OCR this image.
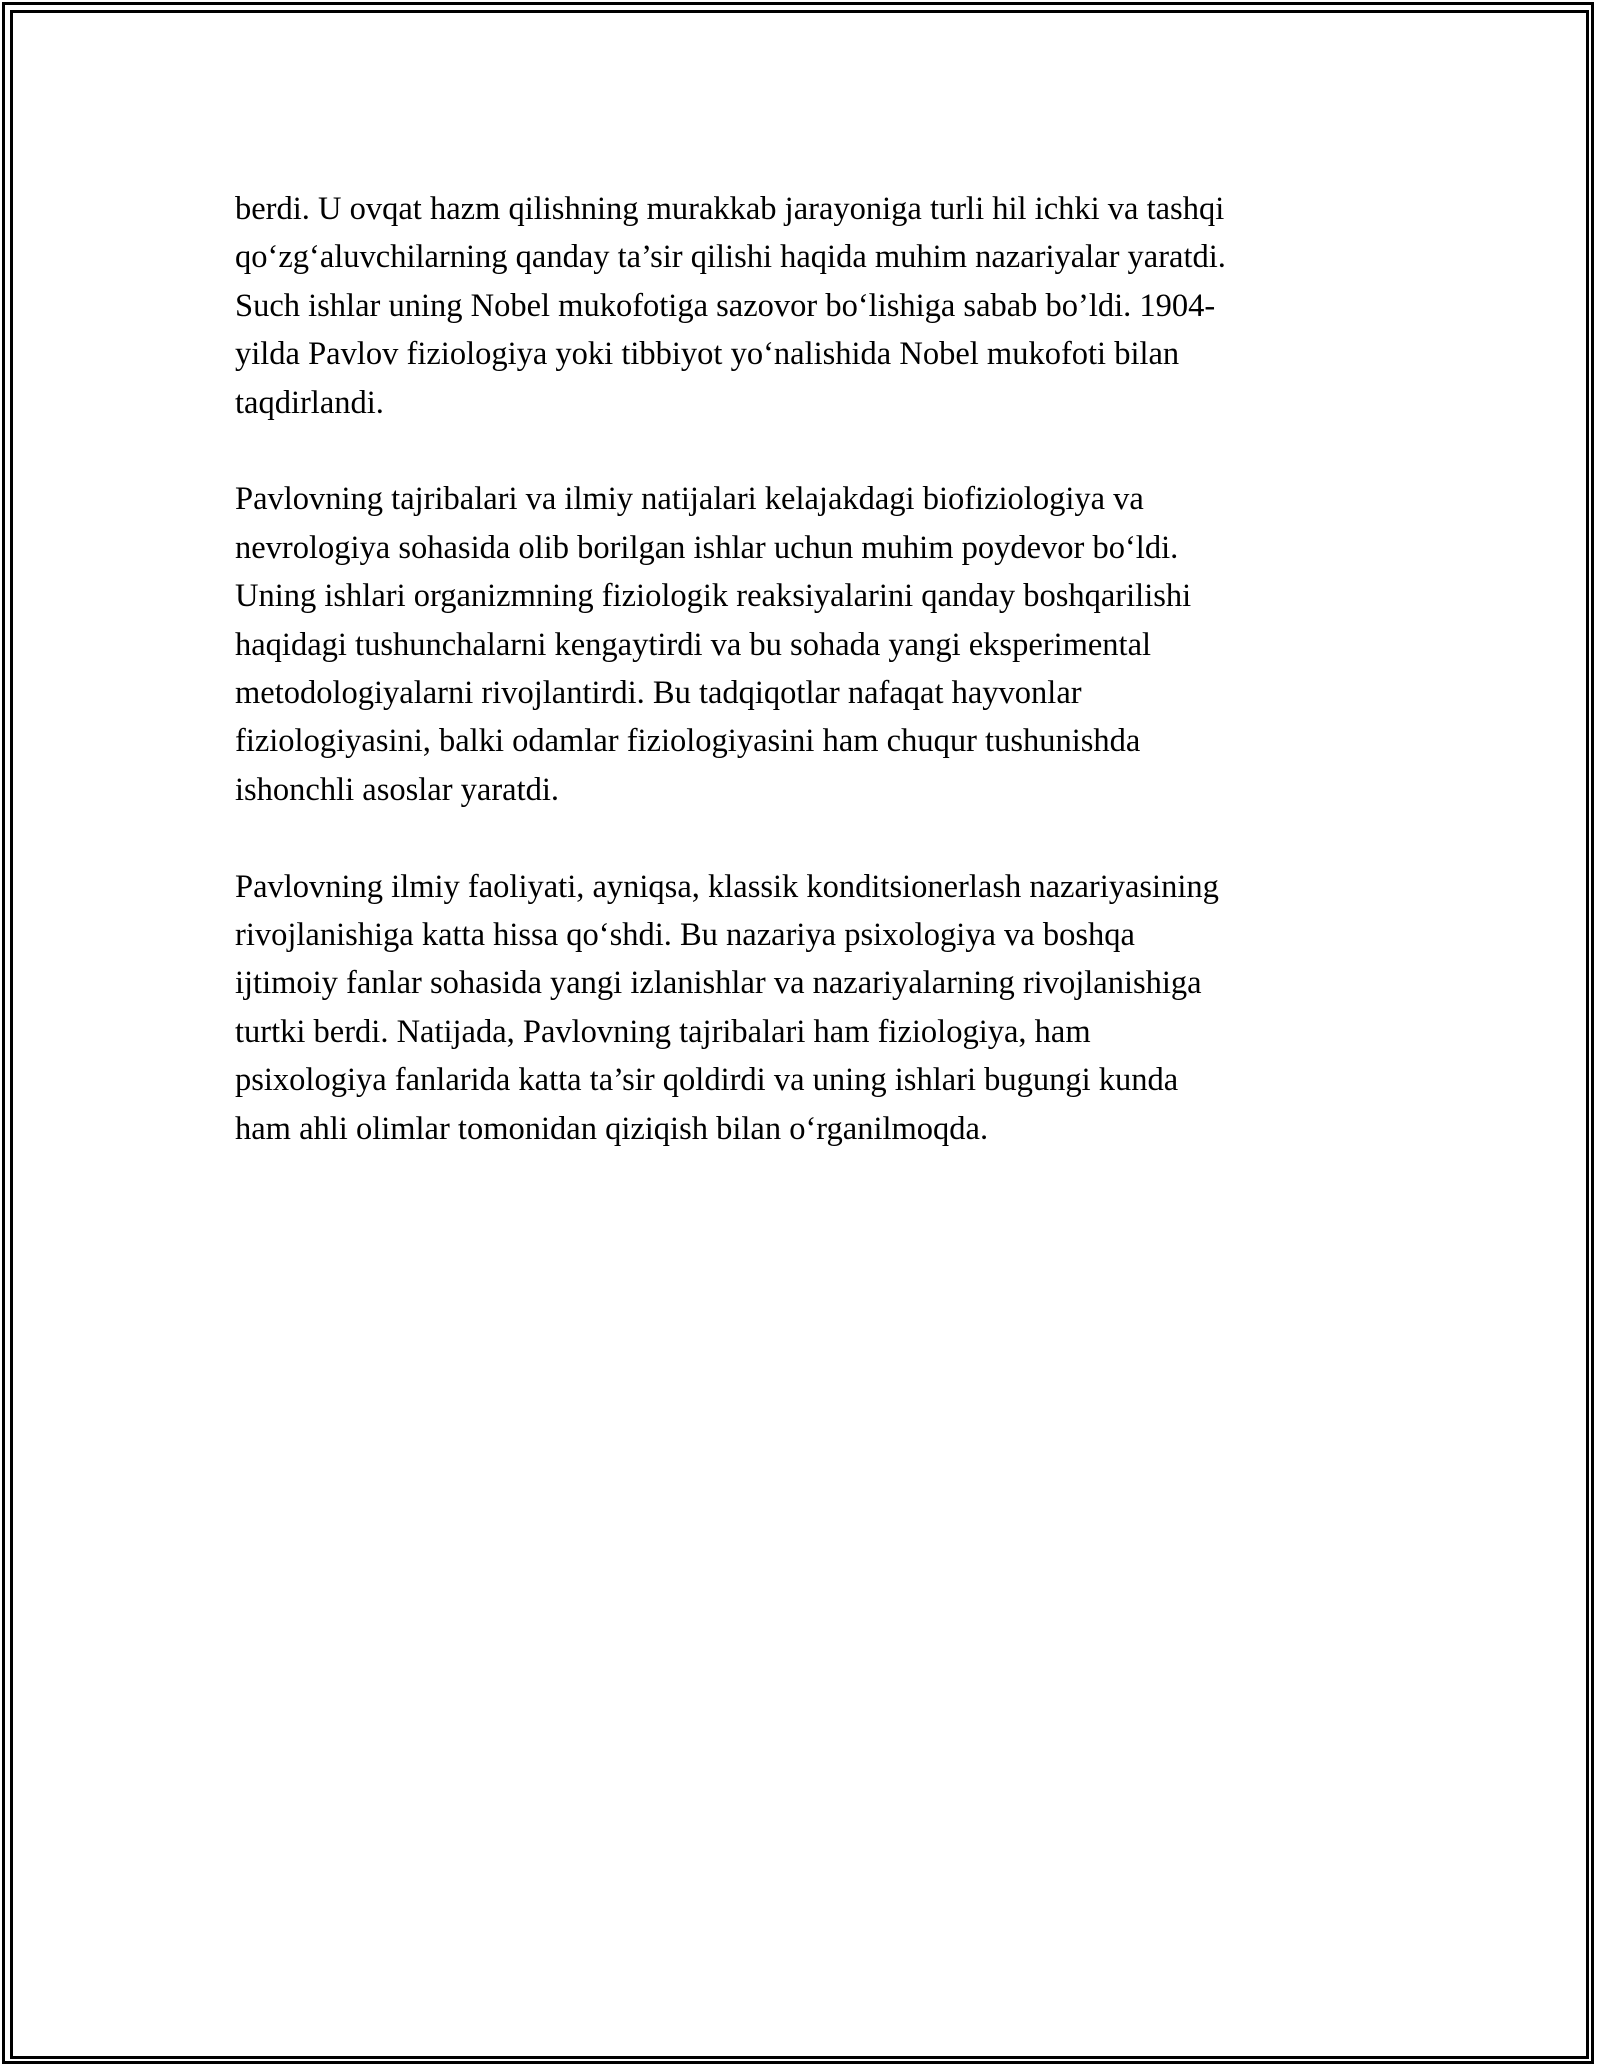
berdi. U ovqat hazm qilishning murakkab jarayoniga turli hil ichki va tashqi
qo‘zg‘aluvchilarning qanday ta’sir qilishi haqida muhim nazariyalar yaratdi.
Such ishlar uning Nobel mukofotiga sazovor bo‘lishiga sabab bo’ldi. 1904-
yilda Pavlov fiziologiya yoki tibbiyot yo‘nalishida Nobel mukofoti bilan
taqdirlandi.
Pavlovning tajribalari va ilmiy natijalari kelajakdagi biofiziologiya va
nevrologiya sohasida olib borilgan ishlar uchun muhim poydevor bo‘ldi.
Uning ishlari organizmning fiziologik reaksiyalarini qanday boshqarilishi
haqidagi tushunchalarni kengaytirdi va bu sohada yangi eksperimental
metodologiyalarni rivojlantirdi. Bu tadqiqotlar nafaqat hayvonlar
fiziologiyasini, balki odamlar fiziologiyasini ham chuqur tushunishda
ishonchli asoslar yaratdi.
Pavlovning ilmiy faoliyati, ayniqsa, klassik konditsionerlash nazariyasining
rivojlanishiga katta hissa qo‘shdi. Bu nazariya psixologiya va boshqa
ijtimoiy fanlar sohasida yangi izlanishlar va nazariyalarning rivojlanishiga
turtki berdi. Natijada, Pavlovning tajribalari ham fiziologiya, ham
psixologiya fanlarida katta ta’sir qoldirdi va uning ishlari bugungi kunda
ham ahli olimlar tomonidan qiziqish bilan o‘rganilmoqda.
